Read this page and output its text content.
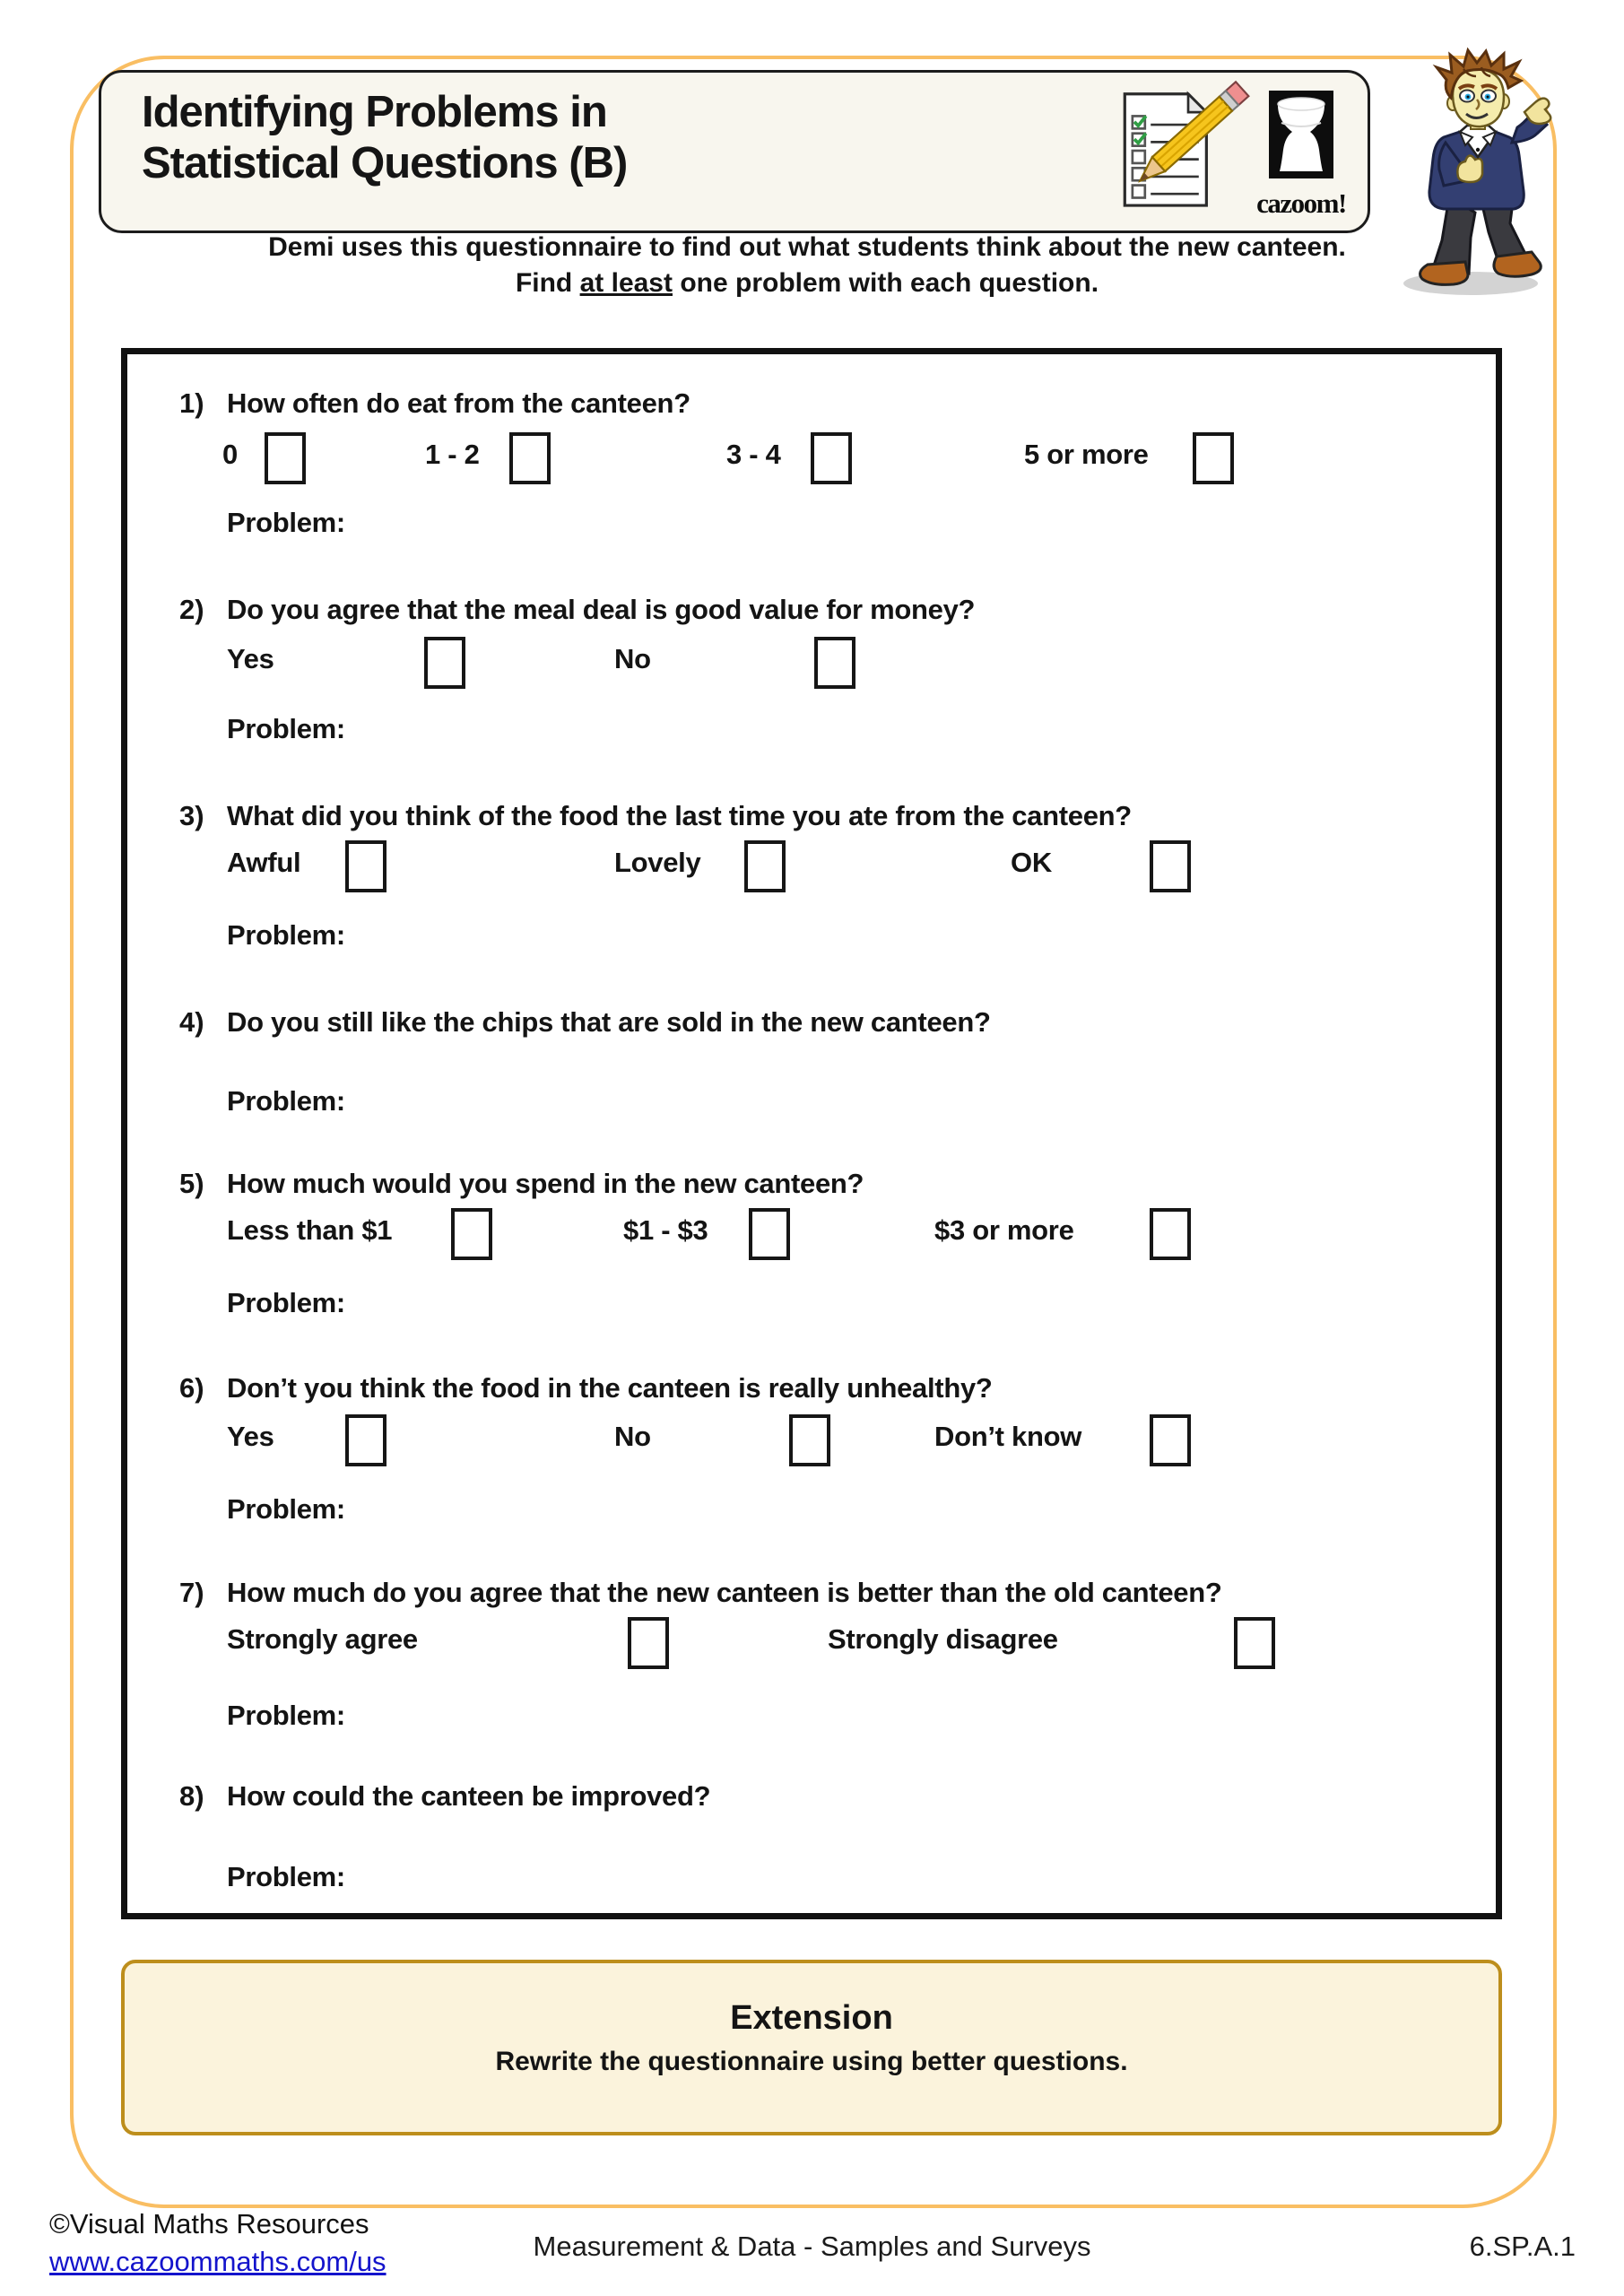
Identifying Problems in
Statistical Questions (B)
cazoom!
Demi uses this questionnaire to find out what students think about the new canteen.
Find at least one problem with each question.
1) How often do eat from the canteen?
0	1 - 2	3 - 4	5 or more
Problem:
2) Do you agree that the meal deal is good value for money?
Yes	No
Problem:
3) What did you think of the food the last time you ate from the canteen?
Awful	Lovely	OK
Problem:
4) Do you still like the chips that are sold in the new canteen?
Problem:
5) How much would you spend in the new canteen?
Less than $1	$1 - $3	$3 or more
Problem:
6) Don’t you think the food in the canteen is really unhealthy?
Yes	No	Don’t know
Problem:
7) How much do you agree that the new canteen is better than the old canteen?
Strongly agree	Strongly disagree
Problem:
8) How could the canteen be improved?
Problem:
Extension
Rewrite the questionnaire using better questions.
©Visual Maths Resources
www.cazoommaths.com/us	Measurement & Data - Samples and Surveys	6.SP.A.1
